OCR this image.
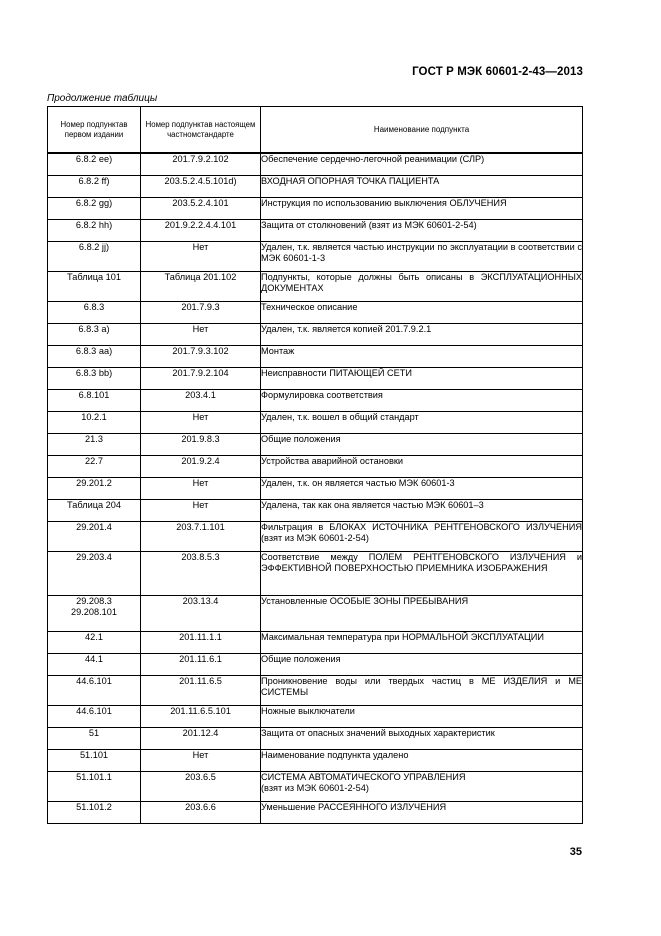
ГОСТ Р МЭК 60601-2-43—2013
Продолжение таблицы
Номер подпунктав первом издании	Номер подпунктав настоящем частномстандарте	Наименование подпункта

6.8.2 ee)	201.7.9.2.102	Обеспечение сердечно-легочной реанимации (СЛР)

6.8.2 ff)	203.5.2.4.5.101d)	ВХОДНАЯ ОПОРНАЯ ТОЧКА ПАЦИЕНТА

6.8.2 gg)	203.5.2.4.101	Инструкция по использованию выключения ОБЛУЧЕНИЯ

6.8.2 hh)	201.9.2.2.4.4.101	Защита от столкновений (взят из МЭК 60601-2-54)

6.8.2 jj)	Нет	Удален, т.к. является частью инструкции по эксплуатации в соответствии с МЭК 60601-1-3

Таблица 101	Таблица 201.102	Подпункты, которые должны быть описаны в ЭКСПЛУАТАЦИОННЫХ ДОКУМЕНТАХ

6.8.3	201.7.9.3	Техническое описание

6.8.3 a)	Нет	Удален, т.к. является копией 201.7.9.2.1

6.8.3 aa)	201.7.9.3.102	Монтаж

6.8.3 bb)	201.7.9.2.104	Неисправности ПИТАЮЩЕЙ СЕТИ

6.8.101	203.4.1	Формулировка соответствия

10.2.1	Нет	Удален, т.к. вошел в общий стандарт

21.3	201.9.8.3	Общие положения

22.7	201.9.2.4	Устройства аварийной остановки

29.201.2	Нет	Удален, т.к. он является частью МЭК 60601-3

Таблица 204	Нет	Удалена, так как она является частью МЭК 60601–3

29.201.4	203.7.1.101	Фильтрация в БЛОКАХ ИСТОЧНИКА РЕНТГЕНОВСКОГО ИЗЛУЧЕНИЯ (взят из МЭК 60601-2-54)

29.203.4	203.8.5.3	Соответствие между ПОЛЕМ РЕНТГЕНОВСКОГО ИЗЛУЧЕНИЯ и ЭФФЕКТИВНОЙ ПОВЕРХНОСТЬЮ ПРИЕМНИКА ИЗОБРАЖЕНИЯ

29.208.3
29.208.101	203.13.4	Установленные ОСОБЫЕ ЗОНЫ ПРЕБЫВАНИЯ

42.1	201.11.1.1	Максимальная температура при НОРМАЛЬНОЙ ЭКСПЛУАТАЦИИ

44.1	201.11.6.1	Общие положения

44.6.101	201.11.6.5	Проникновение воды или твердых частиц в МЕ ИЗДЕЛИЯ и МЕ СИСТЕМЫ

44.6.101	201.11.6.5.101	Ножные выключатели

51	201.12.4	Защита от опасных значений выходных характеристик

51.101	Нет	Наименование подпункта удалено

51.101.1	203.6.5	СИСТЕМА АВТОМАТИЧЕСКОГО УПРАВЛЕНИЯ
(взят из МЭК 60601-2-54)

51.101.2	203.6.6	Уменьшение РАССЕЯННОГО ИЗЛУЧЕНИЯ
35
